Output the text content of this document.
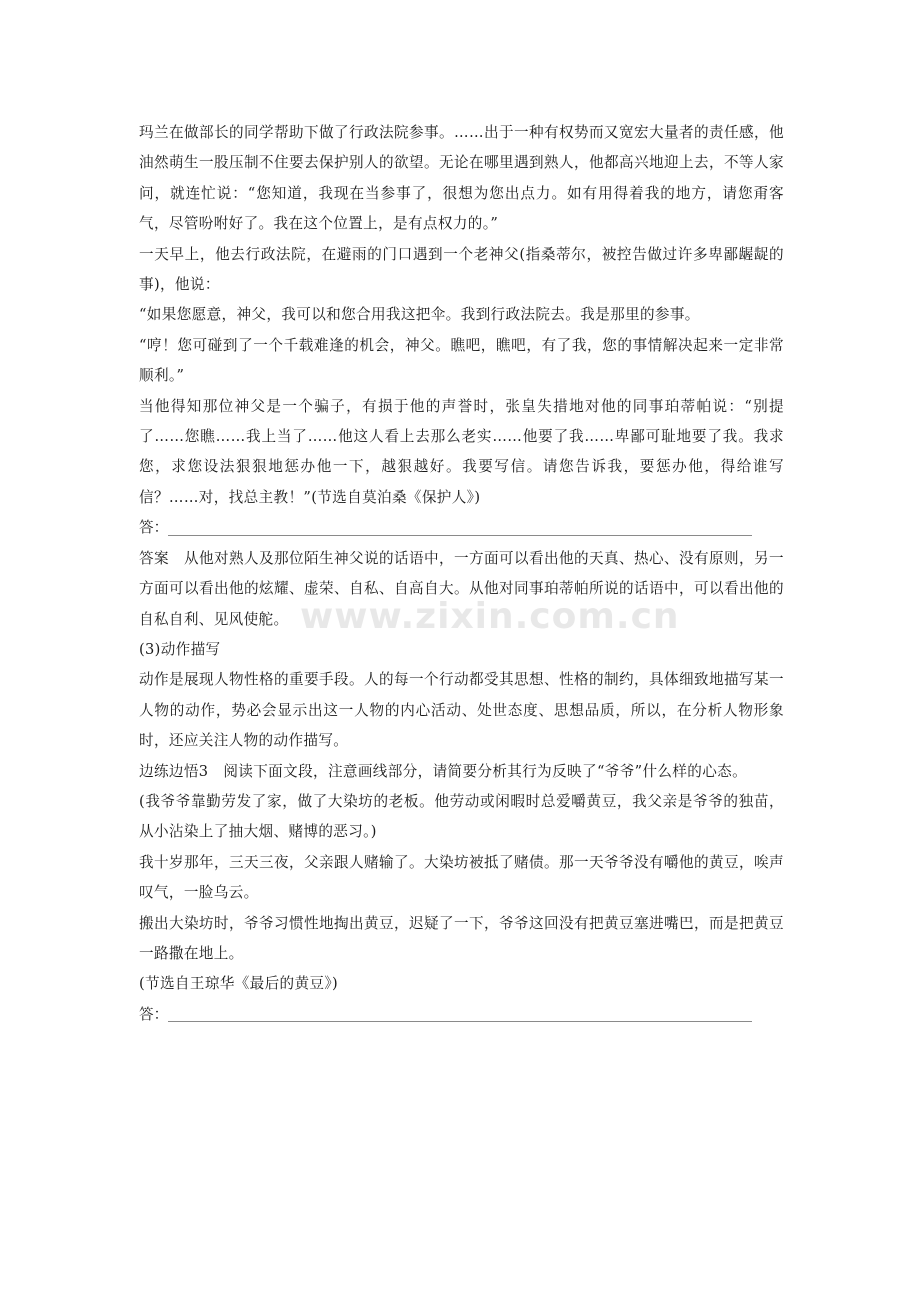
www.zixin.com.cn

玛兰在做部长的同学帮助下做了行政法院参事。……出于一种有权势而又宽宏大量者的责任感，他油然萌生一股压制不住要去保护别人的欲望。无论在哪里遇到熟人，他都高兴地迎上去，不等人家问，就连忙说：“您知道，我现在当参事了，很想为您出点力。如有用得着我的地方，请您甭客气，尽管吩咐好了。我在这个位置上，是有点权力的。”

一天早上，他去行政法院，在避雨的门口遇到一个老神父(指桑蒂尔，被控告做过许多卑鄙龌龊的事)，他说：

“如果您愿意，神父，我可以和您合用我这把伞。我到行政法院去。我是那里的参事。

“哼！您可碰到了一个千载难逢的机会，神父。瞧吧，瞧吧，有了我，您的事情解决起来一定非常顺利。”

当他得知那位神父是一个骗子，有损于他的声誉时，张皇失措地对他的同事珀蒂帕说：“别提了……您瞧……我上当了……他这人看上去那么老实……他要了我……卑鄙可耻地要了我。我求您，求您设法狠狠地惩办他一下，越狠越好。我要写信。请您告诉我，要惩办他，得给谁写信？……对，找总主教！”(节选自莫泊桑《保护人》)

答：

答案　从他对熟人及那位陌生神父说的话语中，一方面可以看出他的天真、热心、没有原则，另一方面可以看出他的炫耀、虚荣、自私、自高自大。从他对同事珀蒂帕所说的话语中，可以看出他的自私自利、见风使舵。

(3)动作描写

动作是展现人物性格的重要手段。人的每一个行动都受其思想、性格的制约，具体细致地描写某一人物的动作，势必会显示出这一人物的内心活动、处世态度、思想品质，所以，在分析人物形象时，还应关注人物的动作描写。

边练边悟3　阅读下面文段，注意画线部分，请简要分析其行为反映了“爷爷”什么样的心态。

(我爷爷靠勤劳发了家，做了大染坊的老板。他劳动或闲暇时总爱嚼黄豆，我父亲是爷爷的独苗，从小沾染上了抽大烟、赌博的恶习。)

我十岁那年，三天三夜，父亲跟人赌输了。大染坊被抵了赌债。那一天爷爷没有嚼他的黄豆，唉声叹气，一脸乌云。

搬出大染坊时，爷爷习惯性地掏出黄豆，迟疑了一下，爷爷这回没有把黄豆塞进嘴巴，而是把黄豆一路撒在地上。

(节选自王琼华《最后的黄豆》)

答：
